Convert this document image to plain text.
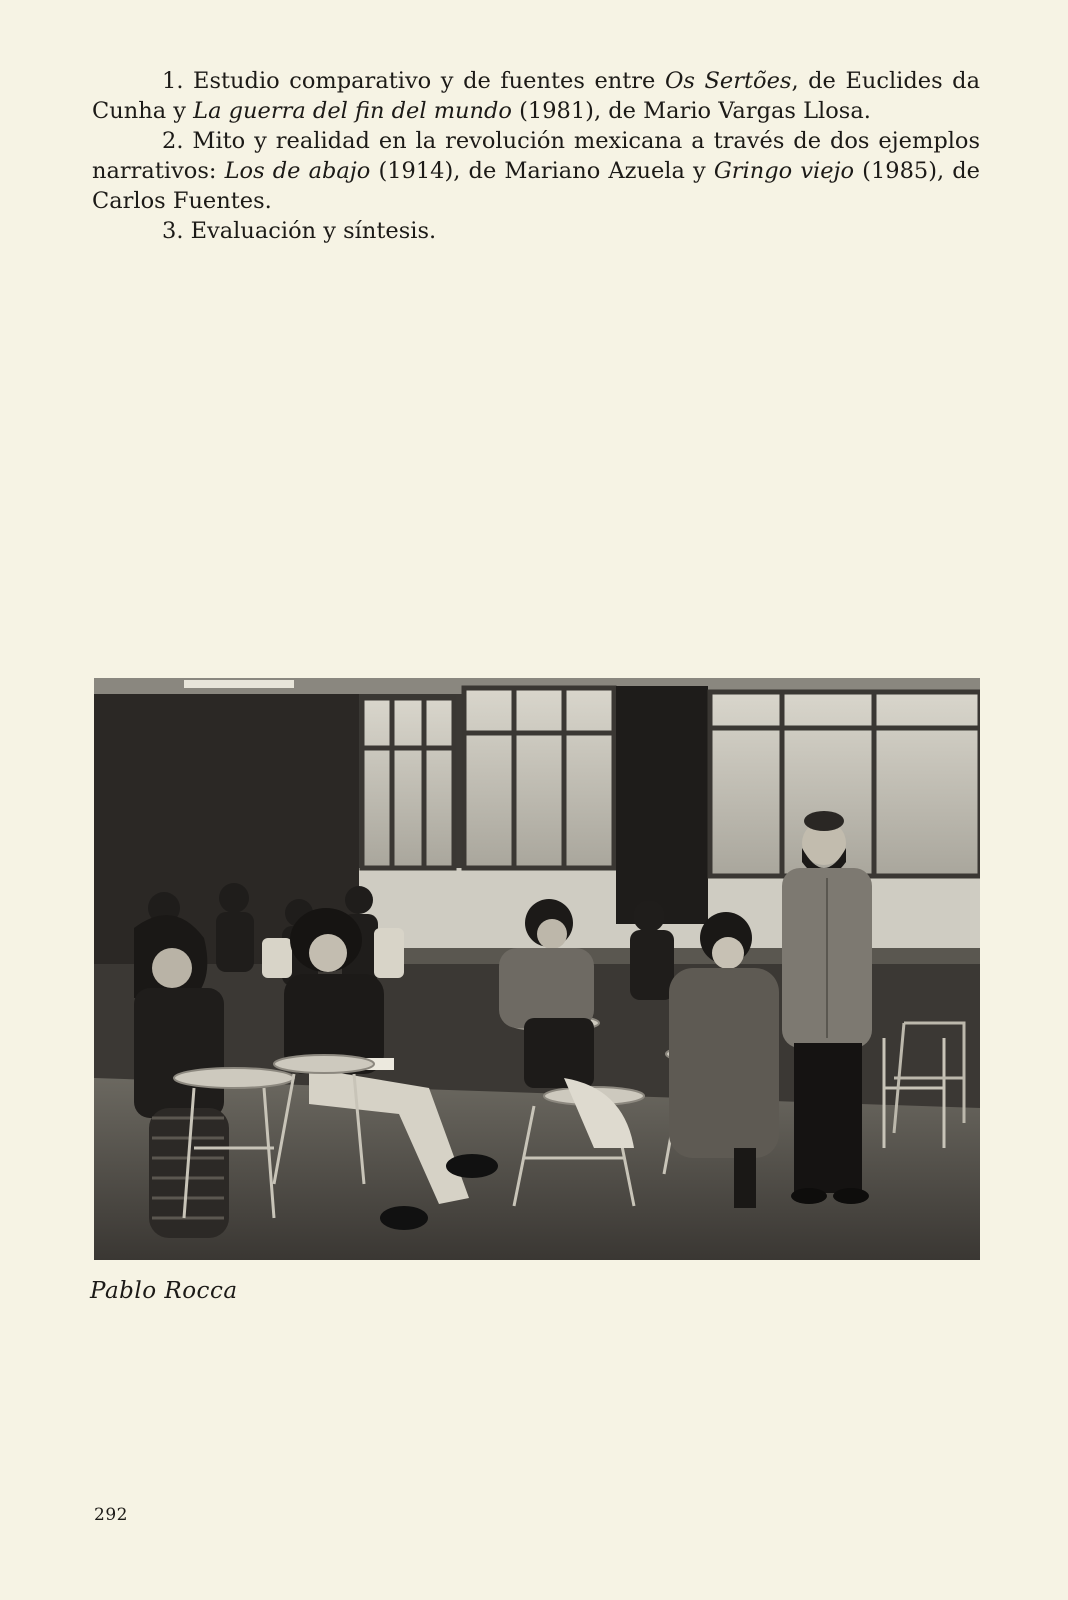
1. Estudio comparativo y de fuentes entre Os Sertões, de Euclides da Cunha y La guerra del fin del mundo (1981), de Mario Vargas Llosa.

2. Mito y realidad en la revolución mexicana a través de dos ejemplos narrativos: Los de abajo (1914), de Mariano Azuela y Gringo viejo (1985), de Carlos Fuentes.

3. Evaluación y síntesis.

Pablo Rocca
292
